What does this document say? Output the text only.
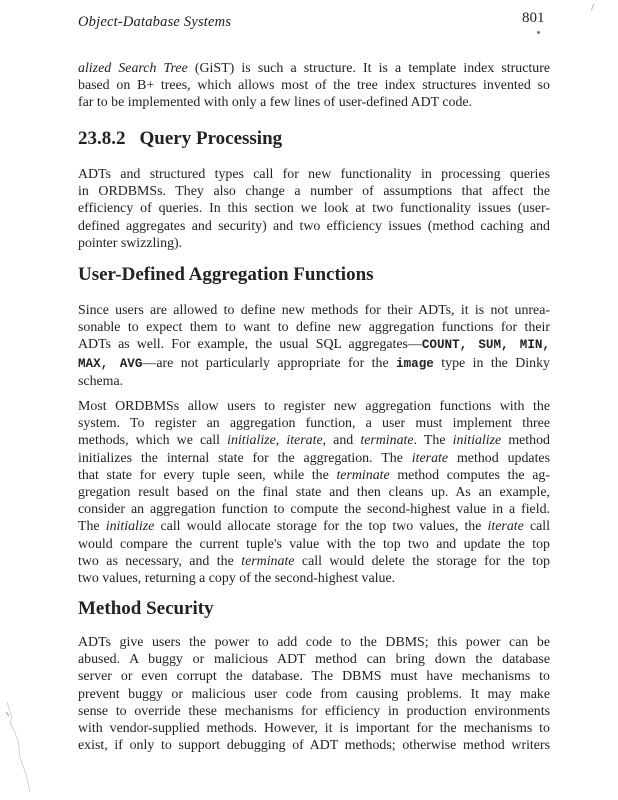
Object-Database Systems	801
alized Search Tree (GiST) is such a structure. It is a template index structure
based on B+ trees, which allows most of the tree index structures invented so
far to be implemented with only a few lines of user-defined ADT code.
23.8.2 Query Processing
ADTs and structured types call for new functionality in processing queries
in ORDBMSs. They also change a number of assumptions that affect the
efficiency of queries. In this section we look at two functionality issues (user-
defined aggregates and security) and two efficiency issues (method caching and
pointer swizzling).
User-Defined Aggregation Functions
Since users are allowed to define new methods for their ADTs, it is not unrea-
sonable to expect them to want to define new aggregation functions for their
ADTs as well. For example, the usual SQL aggregates—COUNT, SUM, MIN,
MAX, AVG—are not particularly appropriate for the image type in the Dinky
schema.
Most ORDBMSs allow users to register new aggregation functions with the
system. To register an aggregation function, a user must implement three
methods, which we call initialize, iterate, and terminate. The initialize method
initializes the internal state for the aggregation. The iterate method updates
that state for every tuple seen, while the terminate method computes the ag-
gregation result based on the final state and then cleans up. As an example,
consider an aggregation function to compute the second-highest value in a field.
The initialize call would allocate storage for the top two values, the iterate call
would compare the current tuple's value with the top two and update the top
two as necessary, and the terminate call would delete the storage for the top
two values, returning a copy of the second-highest value.
Method Security
ADTs give users the power to add code to the DBMS; this power can be
abused. A buggy or malicious ADT method can bring down the database
server or even corrupt the database. The DBMS must have mechanisms to
prevent buggy or malicious user code from causing problems. It may make
sense to override these mechanisms for efficiency in production environments
with vendor-supplied methods. However, it is important for the mechanisms to
exist, if only to support debugging of ADT methods; otherwise method writers
